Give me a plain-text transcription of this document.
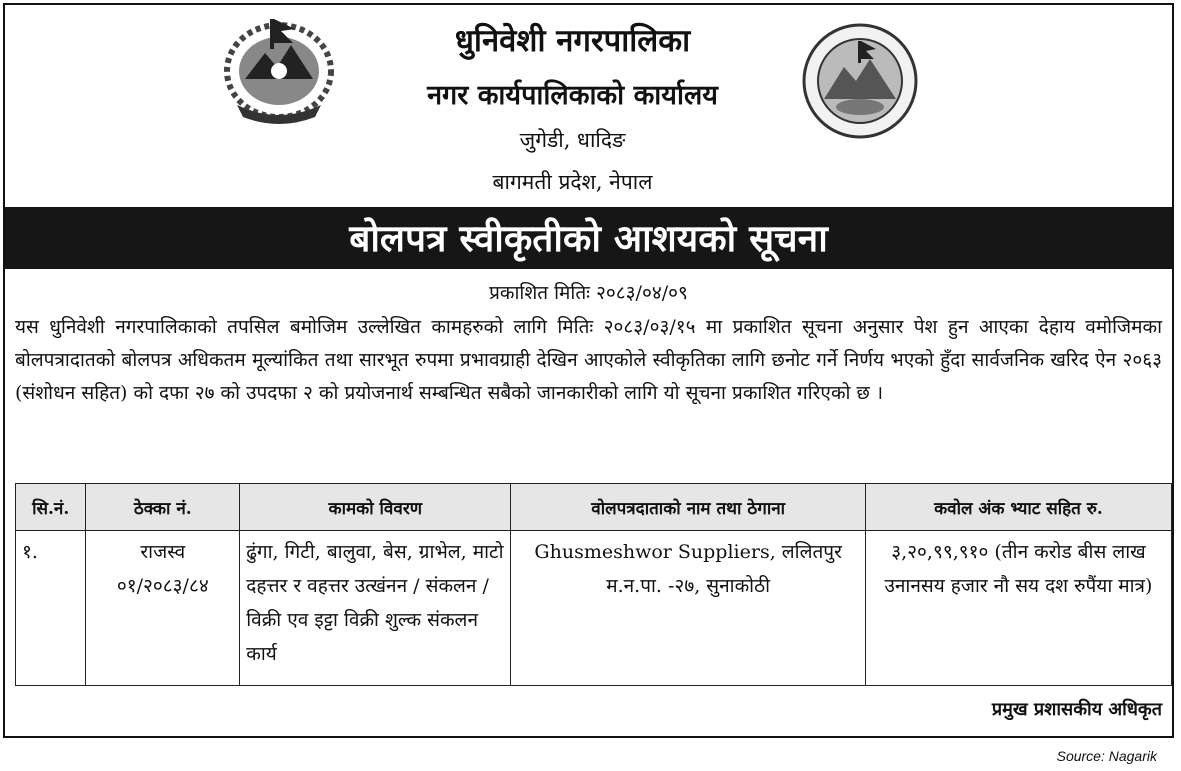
धुनिवेशी नगरपालिका
नगर कार्यपालिकाको कार्यालय
जुगेडी, धादिङ
बागमती प्रदेश, नेपाल
बोलपत्र स्वीकृतीको आशयको सूचना
प्रकाशित मितिः २०८३/०४/०९
यस धुनिवेशी नगरपालिकाको तपसिल बमोजिम उल्लेखित कामहरुको लागि मितिः २०८३/०३/१५ मा प्रकाशित सूचना अनुसार पेश हुन आएका देहाय वमोजिमका बोलपत्रादातको बोलपत्र अधिकतम मूल्यांकित तथा सारभूत रुपमा प्रभावग्राही देखिन आएकोले स्वीकृतिका लागि छनोट गर्ने निर्णय भएको हुँदा सार्वजनिक खरिद ऐन २०६३ (संशोधन सहित) को दफा २७ को उपदफा २ को प्रयोजनार्थ सम्बन्धित सबैको जानकारीको लागि यो सूचना प्रकाशित गरिएको छ ।
सि.नं.	ठेक्का नं.	कामको विवरण	वोलपत्रदाताको नाम तथा ठेगाना	कवोल अंक भ्याट सहित रु.
१.	राजस्व ०१/२०८३/८४	ढुंगा, गिटी, बालुवा, बेस, ग्राभेल, माटो दहत्तर र वहत्तर उत्खंनन / संकलन /विक्री एव इट्टा विक्री शुल्क संकलन कार्य	Ghusmeshwor Suppliers, ललितपुर म.न.पा. -२७, सुनाकोठी	३,२०,९९,९१० (तीन करोड बीस लाख उनानसय हजार नौ सय दश रुपैंया मात्र)
प्रमुख प्रशासकीय अधिकृत
Source: Nagarik
